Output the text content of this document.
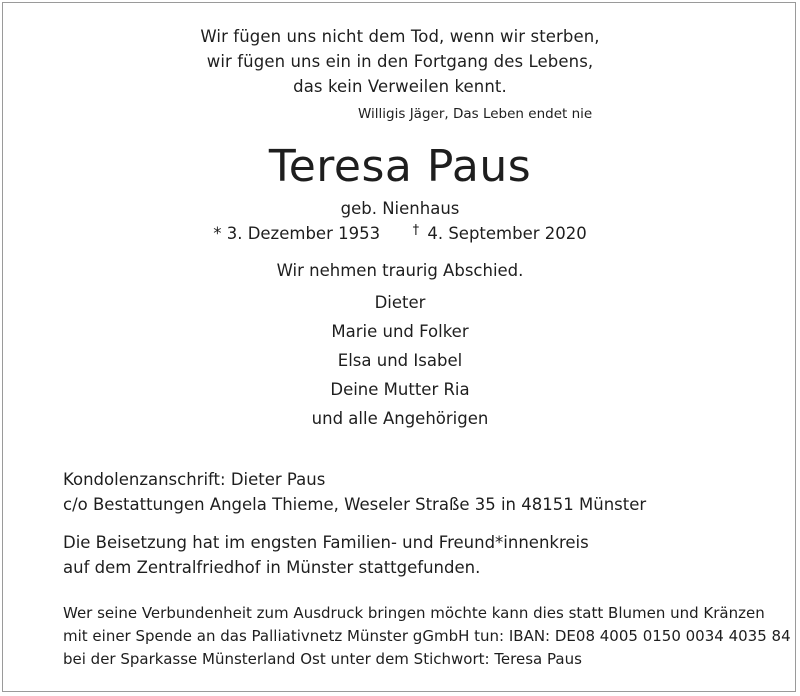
Wir fügen uns nicht dem Tod, wenn wir sterben,
wir fügen uns ein in den Fortgang des Lebens,
das kein Verweilen kennt.
Willigis Jäger, Das Leben endet nie
Teresa Paus
geb. Nienhaus
* 3. Dezember 1953	† 4. September 2020
Wir nehmen traurig Abschied.
Dieter
Marie und Folker
Elsa und Isabel
Deine Mutter Ria
und alle Angehörigen
Kondolenzanschrift: Dieter Paus
c/o Bestattungen Angela Thieme, Weseler Straße 35 in 48151 Münster
Die Beisetzung hat im engsten Familien- und Freund*innenkreis
auf dem Zentralfriedhof in Münster stattgefunden.
Wer seine Verbundenheit zum Ausdruck bringen möchte kann dies statt Blumen und Kränzen
mit einer Spende an das Palliativnetz Münster gGmbH tun: IBAN: DE08 4005 0150 0034 4035 84
bei der Sparkasse Münsterland Ost unter dem Stichwort: Teresa Paus
